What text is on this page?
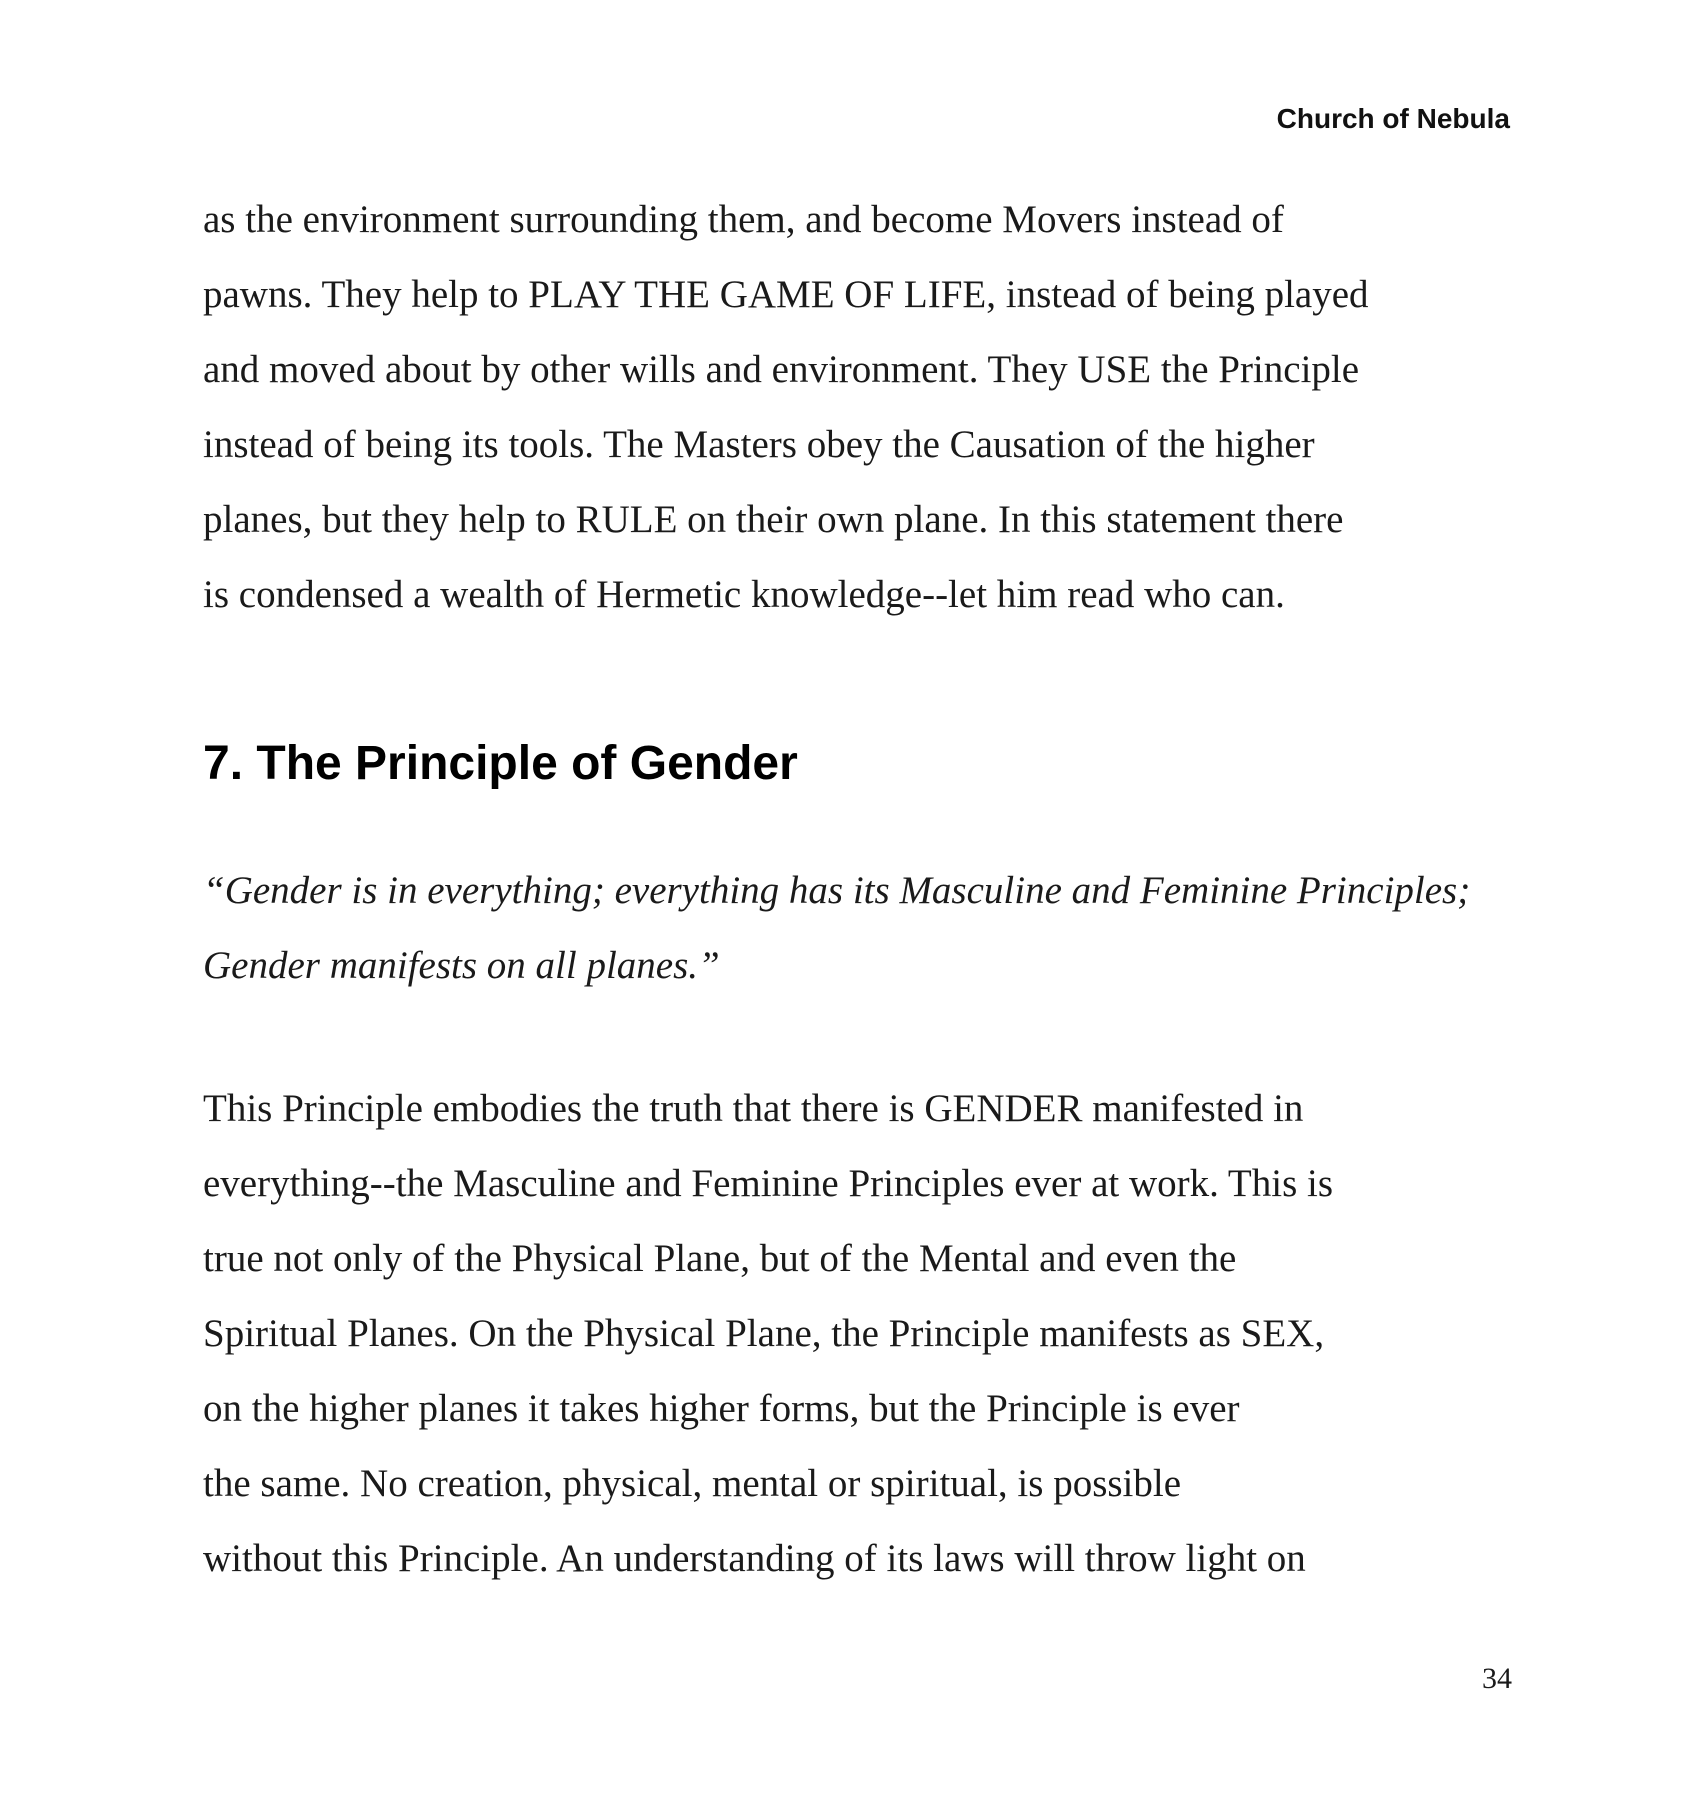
Church of Nebula
as the environment surrounding them, and become Movers instead of
pawns. They help to PLAY THE GAME OF LIFE, instead of being played
and moved about by other wills and environment. They USE the Principle
instead of being its tools. The Masters obey the Causation of the higher
planes, but they help to RULE on their own plane. In this statement there
is condensed a wealth of Hermetic knowledge--let him read who can.
7. The Principle of Gender
“Gender is in everything; everything has its Masculine and Feminine Principles;
Gender manifests on all planes.”
This Principle embodies the truth that there is GENDER manifested in
everything--the Masculine and Feminine Principles ever at work. This is
true not only of the Physical Plane, but of the Mental and even the
Spiritual Planes. On the Physical Plane, the Principle manifests as SEX,
on the higher planes it takes higher forms, but the Principle is ever
the same. No creation, physical, mental or spiritual, is possible
without this Principle. An understanding of its laws will throw light on
34
